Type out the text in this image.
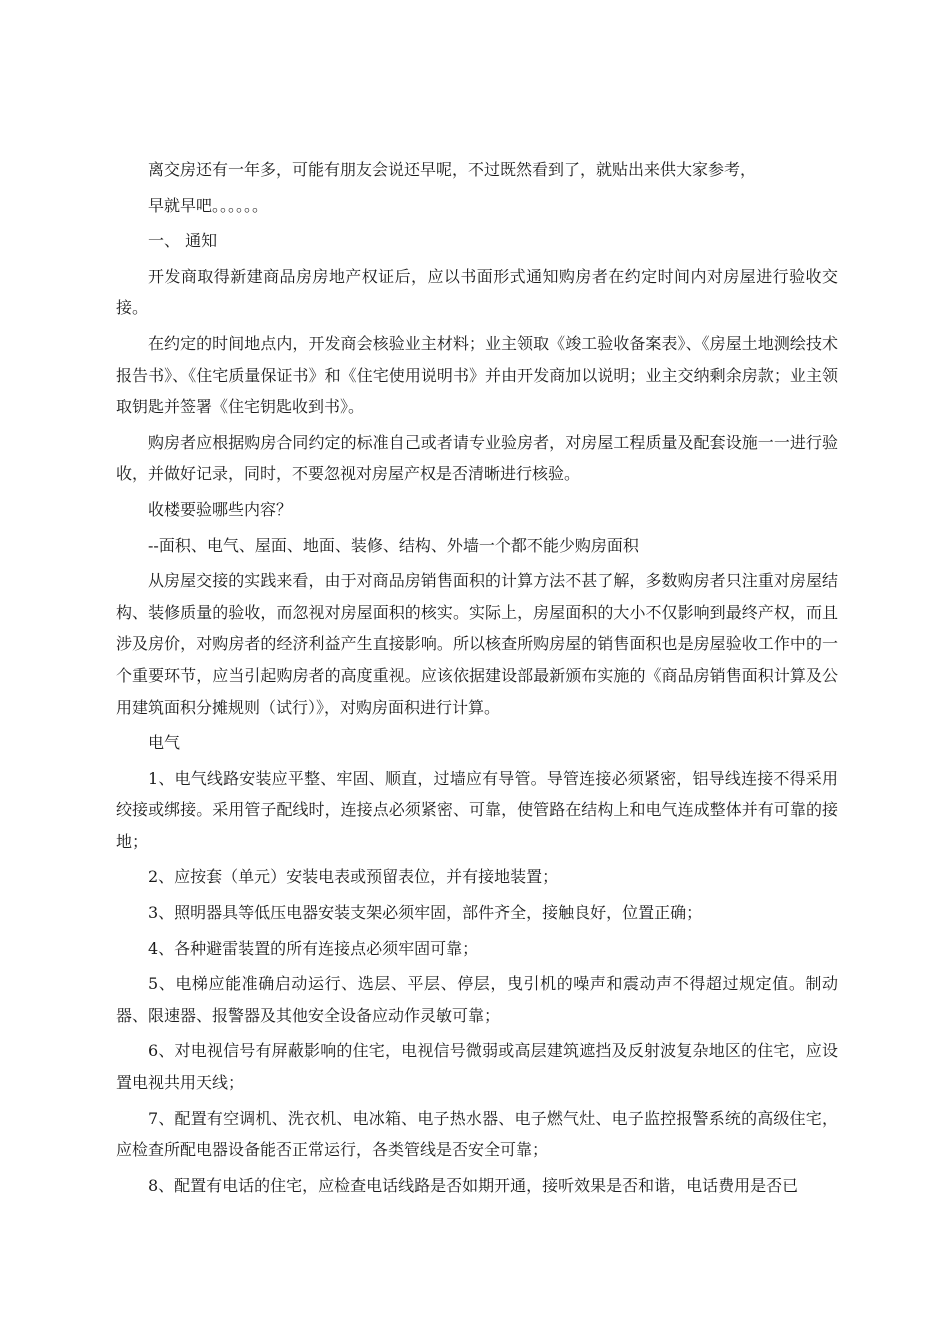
离交房还有一年多，可能有朋友会说还早呢，不过既然看到了，就贴出来供大家参考，

早就早吧。。。。。。

一、 通知

开发商取得新建商品房房地产权证后，应以书面形式通知购房者在约定时间内对房屋进行验收交接。

在约定的时间地点内，开发商会核验业主材料；业主领取《竣工验收备案表》、《房屋土地测绘技术报告书》、《住宅质量保证书》和《住宅使用说明书》并由开发商加以说明；业主交纳剩余房款；业主领取钥匙并签署《住宅钥匙收到书》。

购房者应根据购房合同约定的标准自己或者请专业验房者，对房屋工程质量及配套设施一一进行验收，并做好记录，同时，不要忽视对房屋产权是否清晰进行核验。

收楼要验哪些内容？

--面积、电气、屋面、地面、装修、结构、外墙一个都不能少购房面积

从房屋交接的实践来看，由于对商品房销售面积的计算方法不甚了解，多数购房者只注重对房屋结构、装修质量的验收，而忽视对房屋面积的核实。实际上，房屋面积的大小不仅影响到最终产权，而且涉及房价，对购房者的经济利益产生直接影响。所以核查所购房屋的销售面积也是房屋验收工作中的一个重要环节，应当引起购房者的高度重视。应该依据建设部最新颁布实施的《商品房销售面积计算及公用建筑面积分摊规则（试行）》，对购房面积进行计算。

电气

1、电气线路安装应平整、牢固、顺直，过墙应有导管。导管连接必须紧密，铝导线连接不得采用绞接或绑接。采用管子配线时，连接点必须紧密、可靠，使管路在结构上和电气连成整体并有可靠的接地；

2、应按套（单元）安装电表或预留表位，并有接地装置；

3、照明器具等低压电器安装支架必须牢固，部件齐全，接触良好，位置正确；

4、各种避雷装置的所有连接点必须牢固可靠；

5、电梯应能准确启动运行、选层、平层、停层，曳引机的噪声和震动声不得超过规定值。制动器、限速器、报警器及其他安全设备应动作灵敏可靠；

6、对电视信号有屏蔽影响的住宅，电视信号微弱或高层建筑遮挡及反射波复杂地区的住宅，应设置电视共用天线；

7、配置有空调机、洗衣机、电冰箱、电子热水器、电子燃气灶、电子监控报警系统的高级住宅，应检查所配电器设备能否正常运行，各类管线是否安全可靠；

8、配置有电话的住宅，应检查电话线路是否如期开通，接听效果是否和谐，电话费用是否已
